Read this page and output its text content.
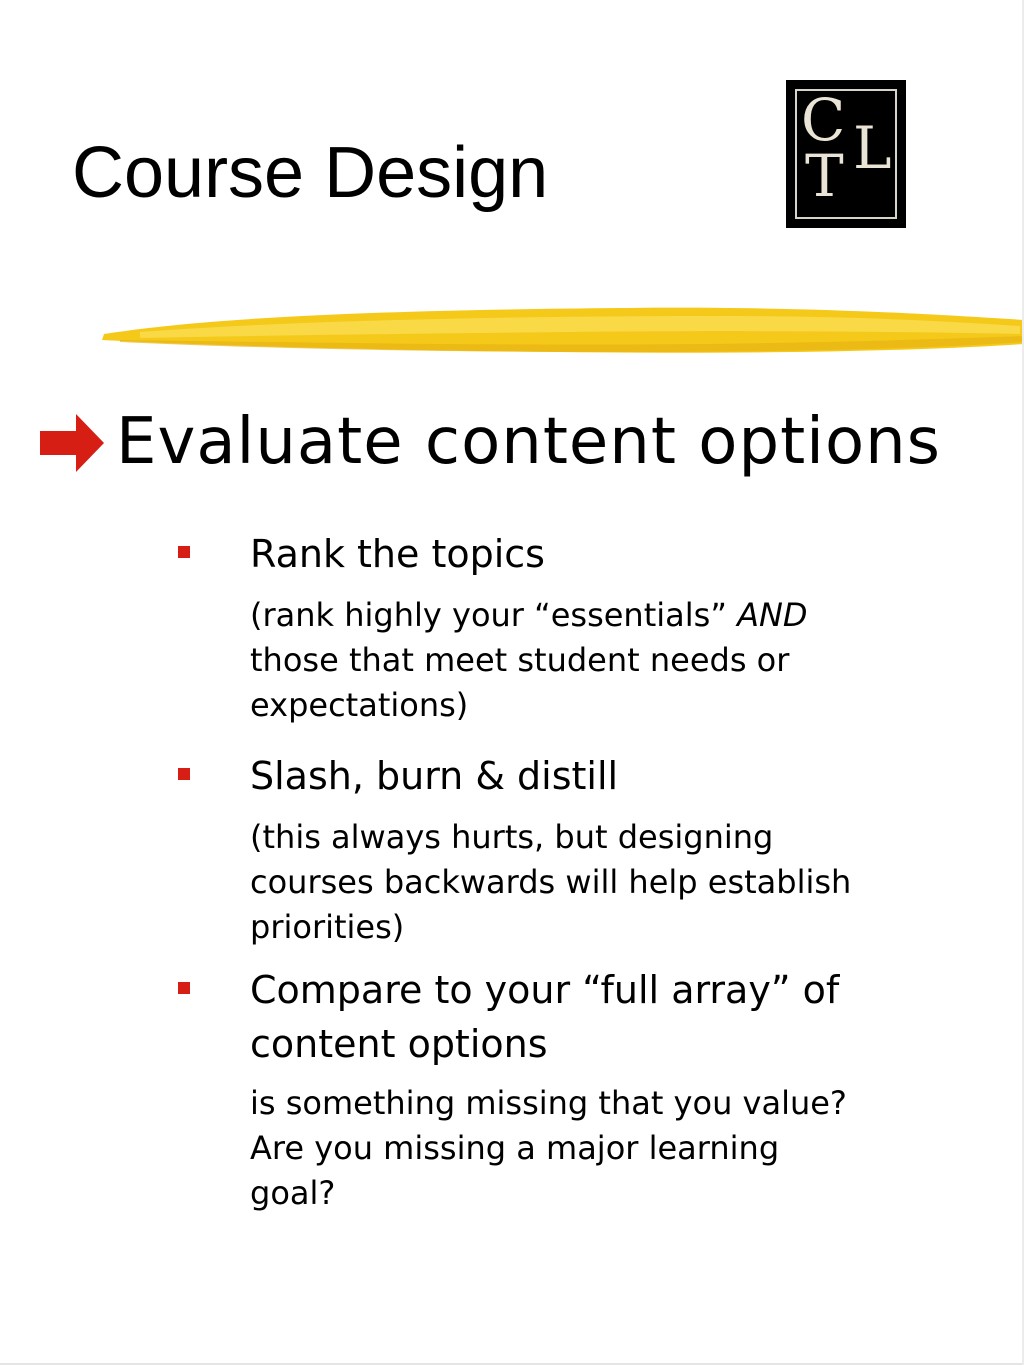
Course Design
C
T L
Evaluate content options
Rank the topics
(rank highly your “essentials” AND
those that meet student needs or
expectations)
Slash, burn & distill
(this always hurts, but designing
courses backwards will help establish
priorities)
Compare to your “full array” of
content options
is something missing that you value?
Are you missing a major learning
goal?
